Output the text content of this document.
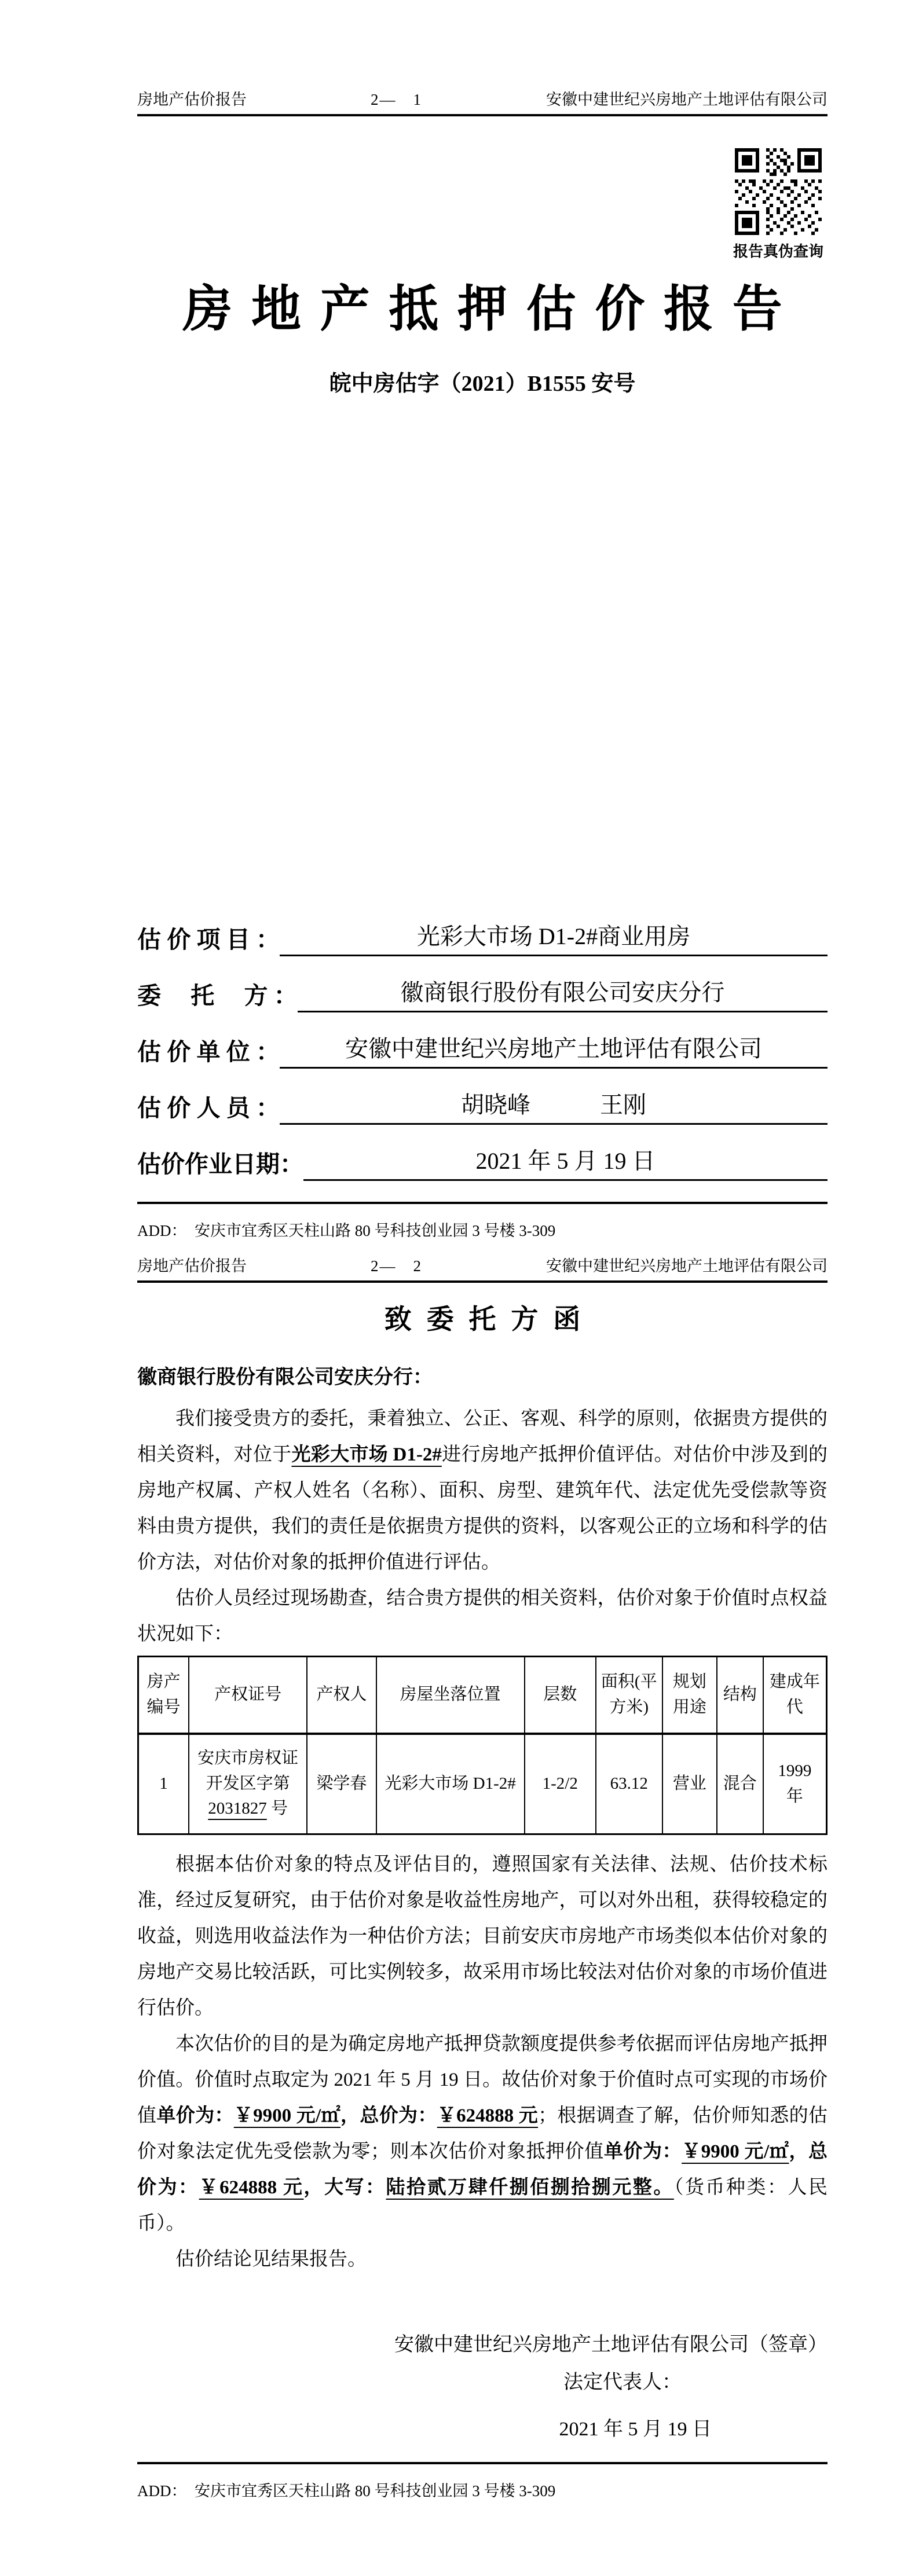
房地产估价报告	2—　1	安徽中建世纪兴房地产土地评估有限公司
报告真伪查询
房地产抵押估价报告
皖中房估字（2021）B1555 安号
估 价 项 目 ：	光彩大市场 D1-2#商业用房
委　 托 　方 ：	徽商银行股份有限公司安庆分行
估 价 单 位 ：	安徽中建世纪兴房地产土地评估有限公司
估 价 人 员 ：	胡晓峰　　　王刚
估价作业日期：	2021 年 5 月 19 日
ADD：  安庆市宜秀区天柱山路 80 号科技创业园 3 号楼 3-309
房地产估价报告	2—　2	安徽中建世纪兴房地产土地评估有限公司
致委托方函
徽商银行股份有限公司安庆分行：

我们接受贵方的委托，秉着独立、公正、客观、科学的原则，依据贵方提供的相关资料，对位于光彩大市场 D1-2#进行房地产抵押价值评估。对估价中涉及到的房地产权属、产权人姓名（名称）、面积、房型、建筑年代、法定优先受偿款等资料由贵方提供，我们的责任是依据贵方提供的资料，以客观公正的立场和科学的估价方法，对估价对象的抵押价值进行评估。

估价人员经过现场勘查，结合贵方提供的相关资料，估价对象于价值时点权益状况如下：

房产编号	产权证号	产权人	房屋坐落位置	层数	面积(平方米)	规划用途	结构	建成年代
1	安庆市房权证开发区字第2031827 号	梁学春	光彩大市场 D1-2#	1-2/2	63.12	营业	混合	1999 年

根据本估价对象的特点及评估目的，遵照国家有关法律、法规、估价技术标准，经过反复研究，由于估价对象是收益性房地产，可以对外出租，获得较稳定的收益，则选用收益法作为一种估价方法；目前安庆市房地产市场类似本估价对象的房地产交易比较活跃，可比实例较多，故采用市场比较法对估价对象的市场价值进行估价。

本次估价的目的是为确定房地产抵押贷款额度提供参考依据而评估房地产抵押价值。价值时点取定为 2021 年 5 月 19 日。故估价对象于价值时点可实现的市场价值单价为：￥9900 元/㎡，总价为：￥624888 元；根据调查了解，估价师知悉的估价对象法定优先受偿款为零；则本次估价对象抵押价值单价为：￥9900 元/㎡，总价为：￥624888 元，大写：陆拾贰万肆仟捌佰捌拾捌元整。（货币种类：人民币）。

估价结论见结果报告。

安徽中建世纪兴房地产土地评估有限公司（签章）
法定代表人：
2021 年 5 月 19 日
ADD：  安庆市宜秀区天柱山路 80 号科技创业园 3 号楼 3-309
